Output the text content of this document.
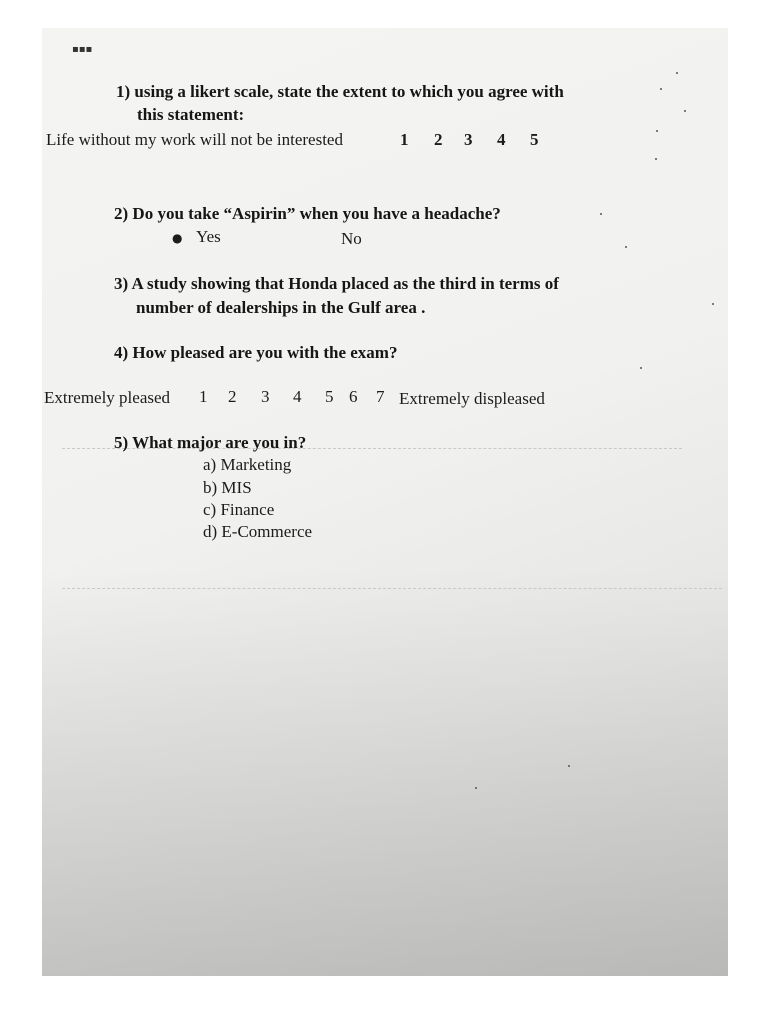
▪▪▪
1) using a likert scale, state the extent to which you agree with
this statement:
Life without my work will not be interested	1 2 3 4 5
2) Do you take “Aspirin” when you have a headache?
● Yes	No
3) A study showing that Honda placed as the third in terms of
number of dealerships in the Gulf area .
4) How pleased are you with the exam?
Extremely pleased 1 2 3 4 5 6 7 Extremely displeased
5) What major are you in?
a) Marketing
b) MIS
c) Finance
d) E-Commerce
